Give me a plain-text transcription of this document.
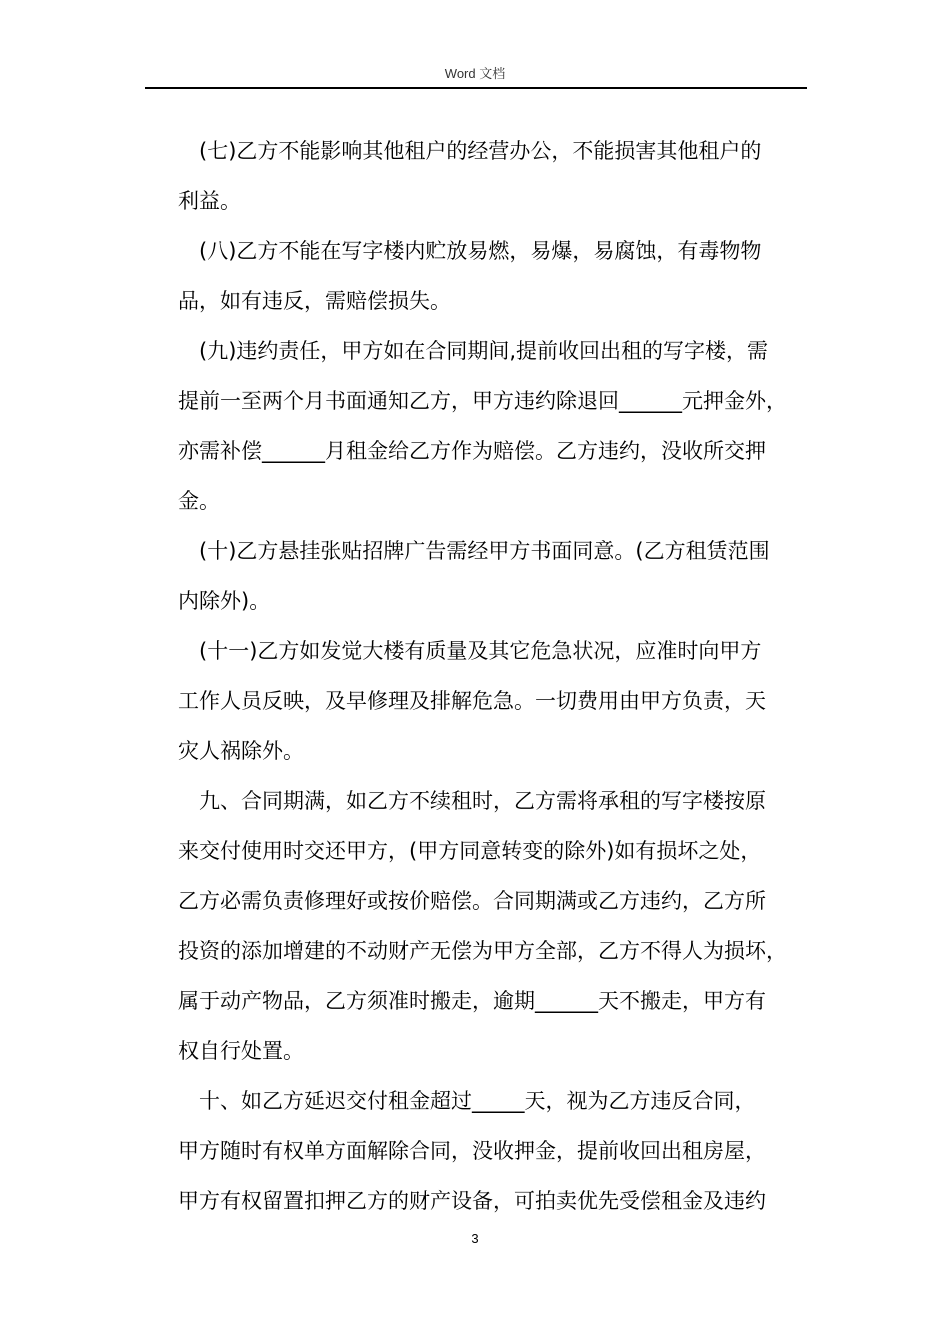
Word 文档

(七)乙方不能影响其他租户的经营办公，不能损害其他租户的
利益。

(八)乙方不能在写字楼内贮放易燃，易爆，易腐蚀，有毒物物
品，如有违反，需赔偿损失。

(九)违约责任，甲方如在合同期间,提前收回出租的写字楼，需
提前一至两个月书面通知乙方，甲方违约除退回______元押金外，
亦需补偿______月租金给乙方作为赔偿。乙方违约，没收所交押
金。

(十)乙方悬挂张贴招牌广告需经甲方书面同意。(乙方租赁范围
内除外)。

(十一)乙方如发觉大楼有质量及其它危急状况，应准时向甲方
工作人员反映，及早修理及排解危急。一切费用由甲方负责，天
灾人祸除外。

九、合同期满，如乙方不续租时，乙方需将承租的写字楼按原
来交付使用时交还甲方，(甲方同意转变的除外)如有损坏之处，
乙方必需负责修理好或按价赔偿。合同期满或乙方违约，乙方所
投资的添加增建的不动财产无偿为甲方全部，乙方不得人为损坏，
属于动产物品，乙方须准时搬走，逾期______天不搬走，甲方有
权自行处置。

十、如乙方延迟交付租金超过_____天，视为乙方违反合同，
甲方随时有权单方面解除合同，没收押金，提前收回出租房屋，
甲方有权留置扣押乙方的财产设备，可拍卖优先受偿租金及违约

3
